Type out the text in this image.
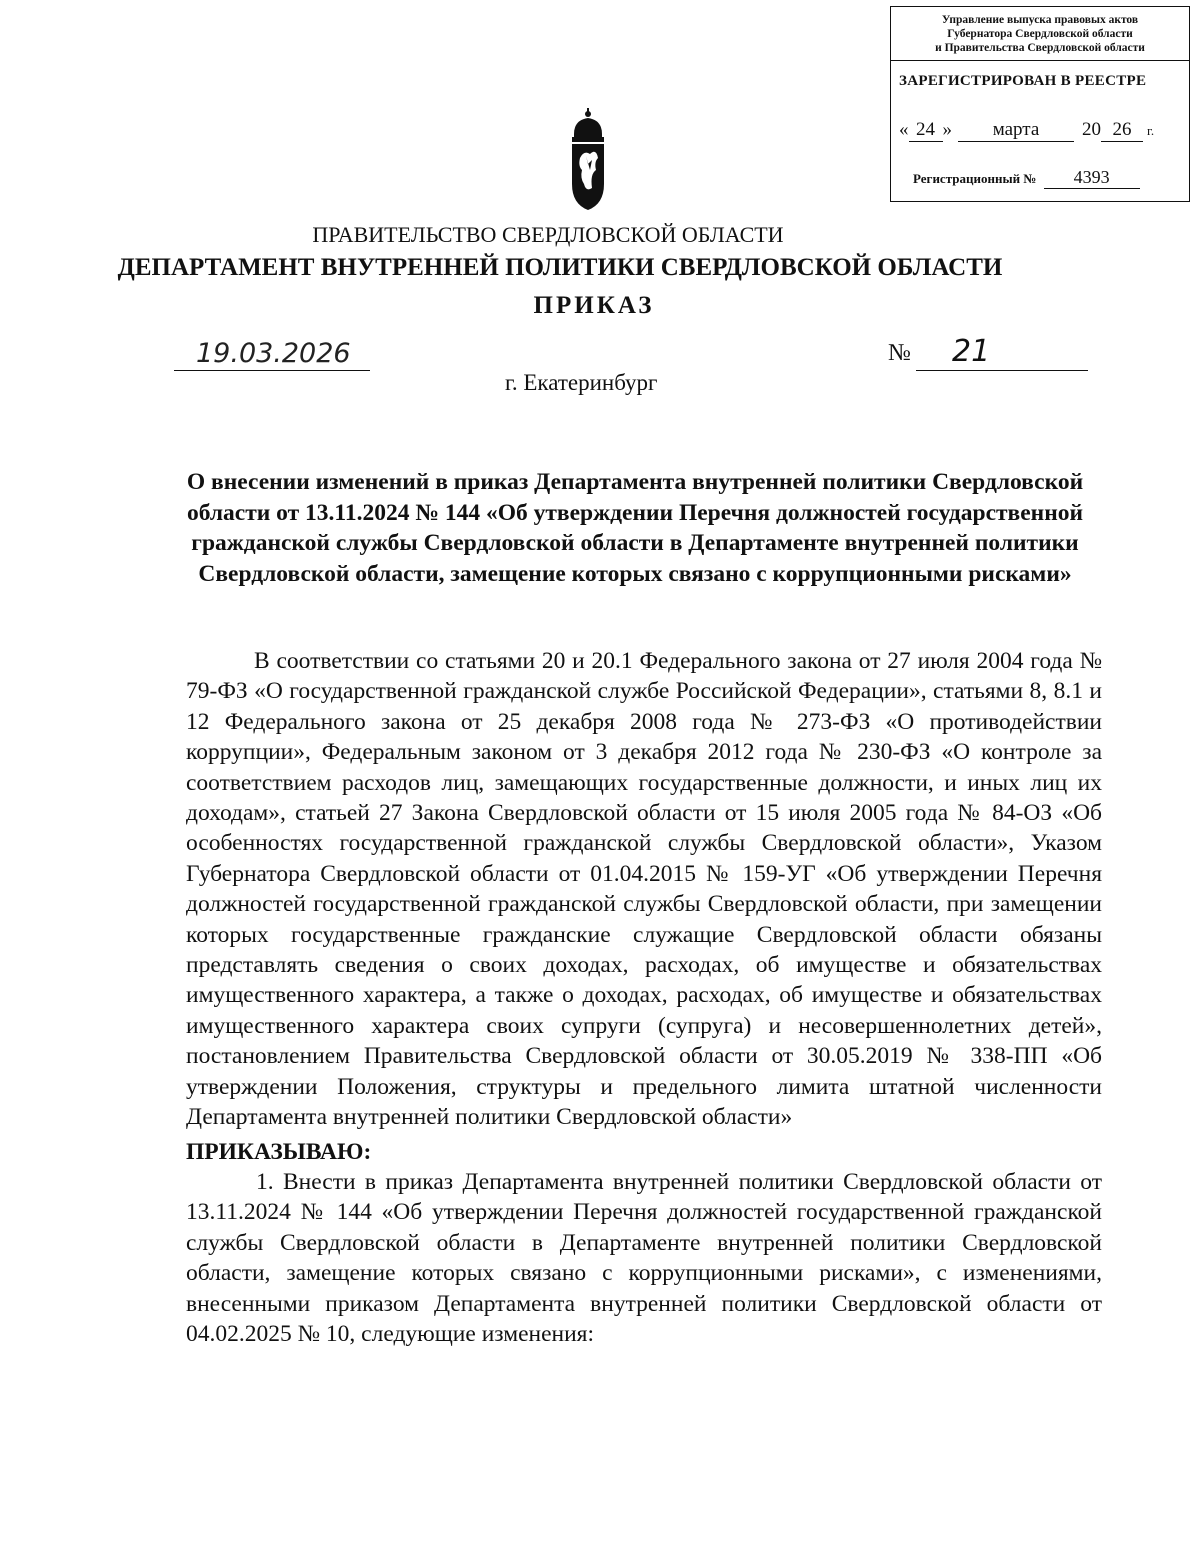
Управление выпуска правовых актов
Губернатора Свердловской области
и Правительства Свердловской области
ЗАРЕГИСТРИРОВАН В РЕЕСТРЕ
« 24 » марта 20 26 г.
Регистрационный № 4393
ПРАВИТЕЛЬСТВО СВЕРДЛОВСКОЙ ОБЛАСТИ
ДЕПАРТАМЕНТ ВНУТРЕННЕЙ ПОЛИТИКИ СВЕРДЛОВСКОЙ ОБЛАСТИ
ПРИКАЗ
19.03.2026	№ 21
г. Екатеринбург
О внесении изменений в приказ Департамента внутренней политики Свердловской области от 13.11.2024 № 144 «Об утверждении Перечня должностей государственной гражданской службы Свердловской области в Департаменте внутренней политики Свердловской области, замещение которых связано с коррупционными рисками»

В соответствии со статьями 20 и 20.1 Федерального закона от 27 июля 2004 года № 79-ФЗ «О государственной гражданской службе Российской Федерации», статьями 8, 8.1 и 12 Федерального закона от 25 декабря 2008 года № 273-ФЗ «О противодействии коррупции», Федеральным законом от 3 декабря 2012 года № 230-ФЗ «О контроле за соответствием расходов лиц, замещающих государственные должности, и иных лиц их доходам», статьей 27 Закона Свердловской области от 15 июля 2005 года № 84-ОЗ «Об особенностях государственной гражданской службы Свердловской области», Указом Губернатора Свердловской области от 01.04.2015 № 159-УГ «Об утверждении Перечня должностей государственной гражданской службы Свердловской области, при замещении которых государственные гражданские служащие Свердловской области обязаны представлять сведения о своих доходах, расходах, об имуществе и обязательствах имущественного характера, а также о доходах, расходах, об имуществе и обязательствах имущественного характера своих супруги (супруга) и несовершеннолетних детей», постановлением Правительства Свердловской области от 30.05.2019 № 338-ПП «Об утверждении Положения, структуры и предельного лимита штатной численности Департамента внутренней политики Свердловской области»

ПРИКАЗЫВАЮ:

1. Внести в приказ Департамента внутренней политики Свердловской области от 13.11.2024 № 144 «Об утверждении Перечня должностей государственной гражданской службы Свердловской области в Департаменте внутренней политики Свердловской области, замещение которых связано с коррупционными рисками», с изменениями, внесенными приказом Департамента внутренней политики Свердловской области от 04.02.2025 № 10, следующие изменения:
